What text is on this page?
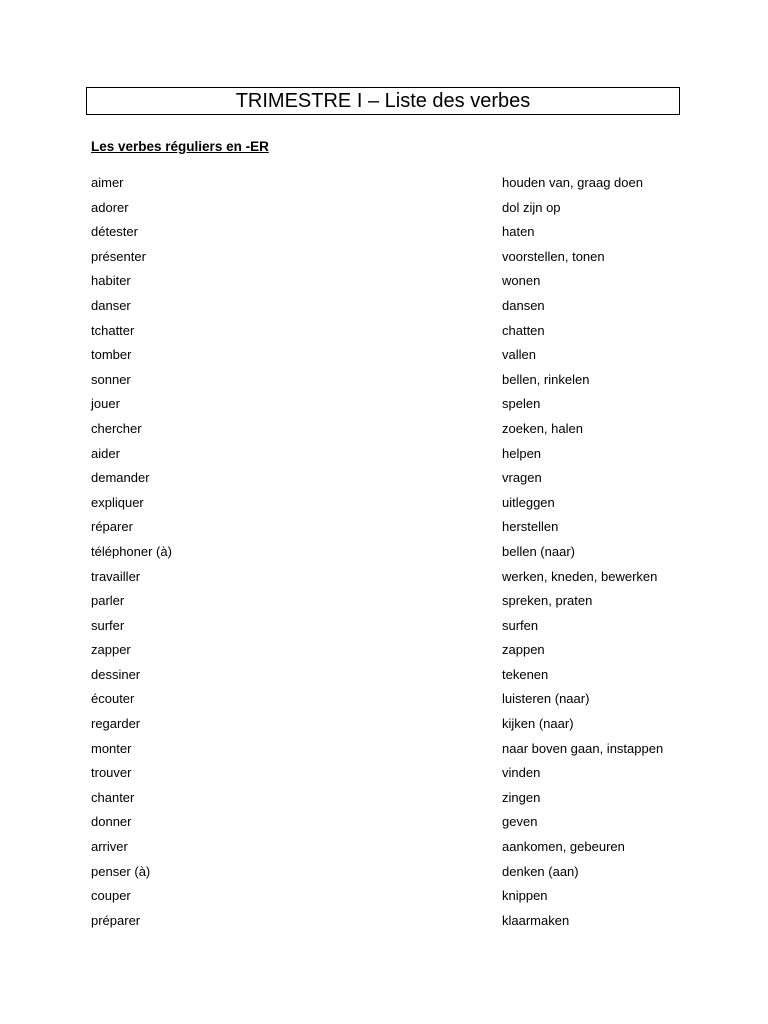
TRIMESTRE I – Liste des verbes

Les verbes réguliers en -ER

aimer	houden van, graag doen
adorer	dol zijn op
détester	haten
présenter	voorstellen, tonen
habiter	wonen
danser	dansen
tchatter	chatten
tomber	vallen
sonner	bellen, rinkelen
jouer	spelen
chercher	zoeken, halen
aider	helpen
demander	vragen
expliquer	uitleggen
réparer	herstellen
téléphoner (à)	bellen (naar)
travailler	werken, kneden, bewerken
parler	spreken, praten
surfer	surfen
zapper	zappen
dessiner	tekenen
écouter	luisteren (naar)
regarder	kijken (naar)
monter	naar boven gaan, instappen
trouver	vinden
chanter	zingen
donner	geven
arriver	aankomen, gebeuren
penser (à)	denken (aan)
couper	knippen
préparer	klaarmaken
